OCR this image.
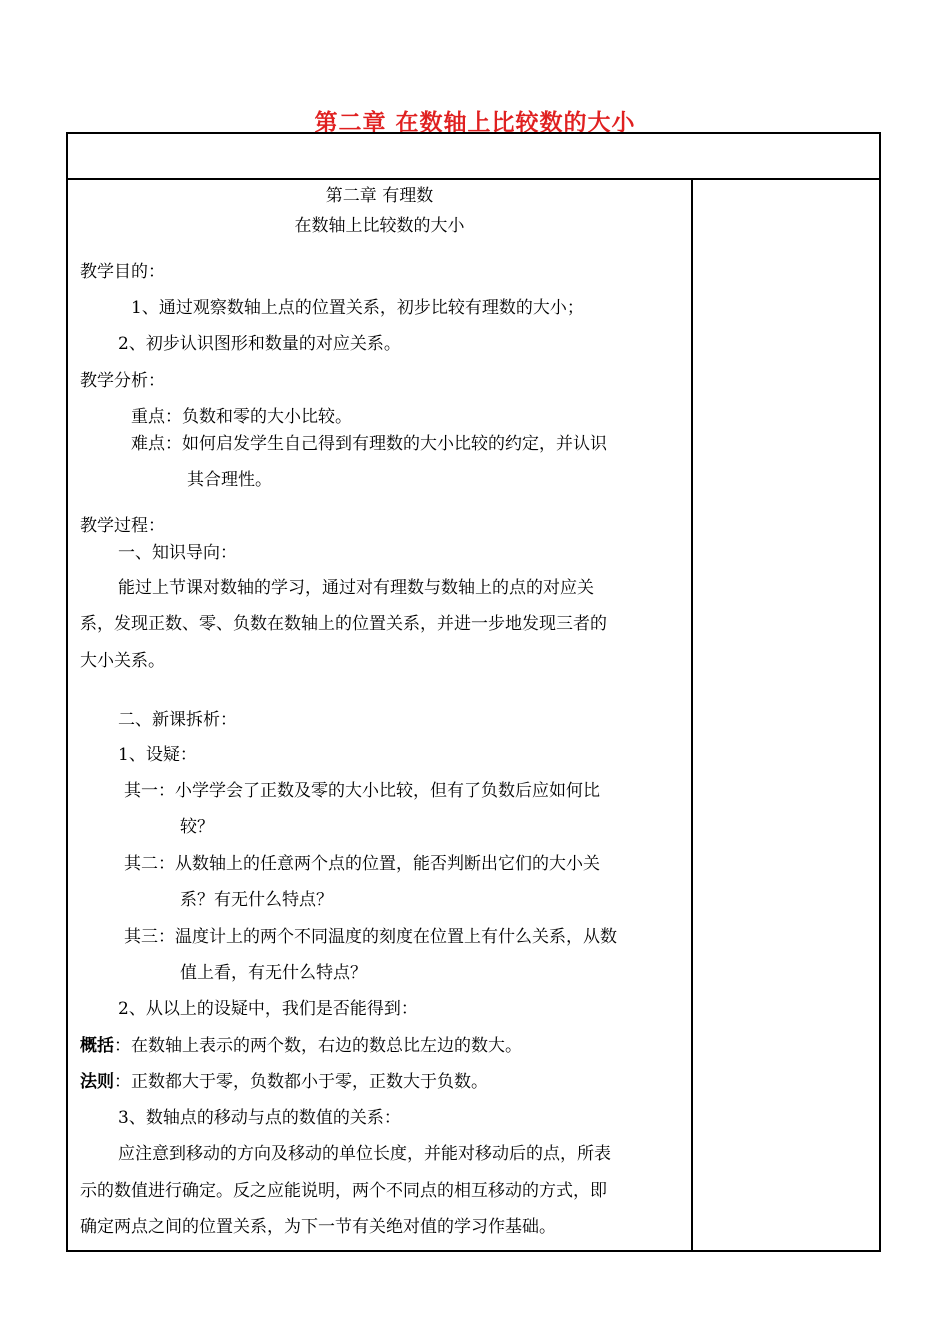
第二章 在数轴上比较数的大小
第二章 有理数
在数轴上比较数的大小
教学目的：
1、通过观察数轴上点的位置关系，初步比较有理数的大小；
2、初步认识图形和数量的对应关系。
教学分析：
重点：负数和零的大小比较。
难点：如何启发学生自己得到有理数的大小比较的约定，并认识
其合理性。
教学过程：
一、知识导向：
能过上节课对数轴的学习，通过对有理数与数轴上的点的对应关
系，发现正数、零、负数在数轴上的位置关系，并进一步地发现三者的
大小关系。
二、新课拆析：
1、设疑：
其一：小学学会了正数及零的大小比较，但有了负数后应如何比
较？
其二：从数轴上的任意两个点的位置，能否判断出它们的大小关
系？有无什么特点？
其三：温度计上的两个不同温度的刻度在位置上有什么关系，从数
值上看，有无什么特点？
2、从以上的设疑中，我们是否能得到：
概括：在数轴上表示的两个数，右边的数总比左边的数大。
法则：正数都大于零，负数都小于零，正数大于负数。
3、数轴点的移动与点的数值的关系：
应注意到移动的方向及移动的单位长度，并能对移动后的点，所表
示的数值进行确定。反之应能说明，两个不同点的相互移动的方式，即
确定两点之间的位置关系，为下一节有关绝对值的学习作基础。
